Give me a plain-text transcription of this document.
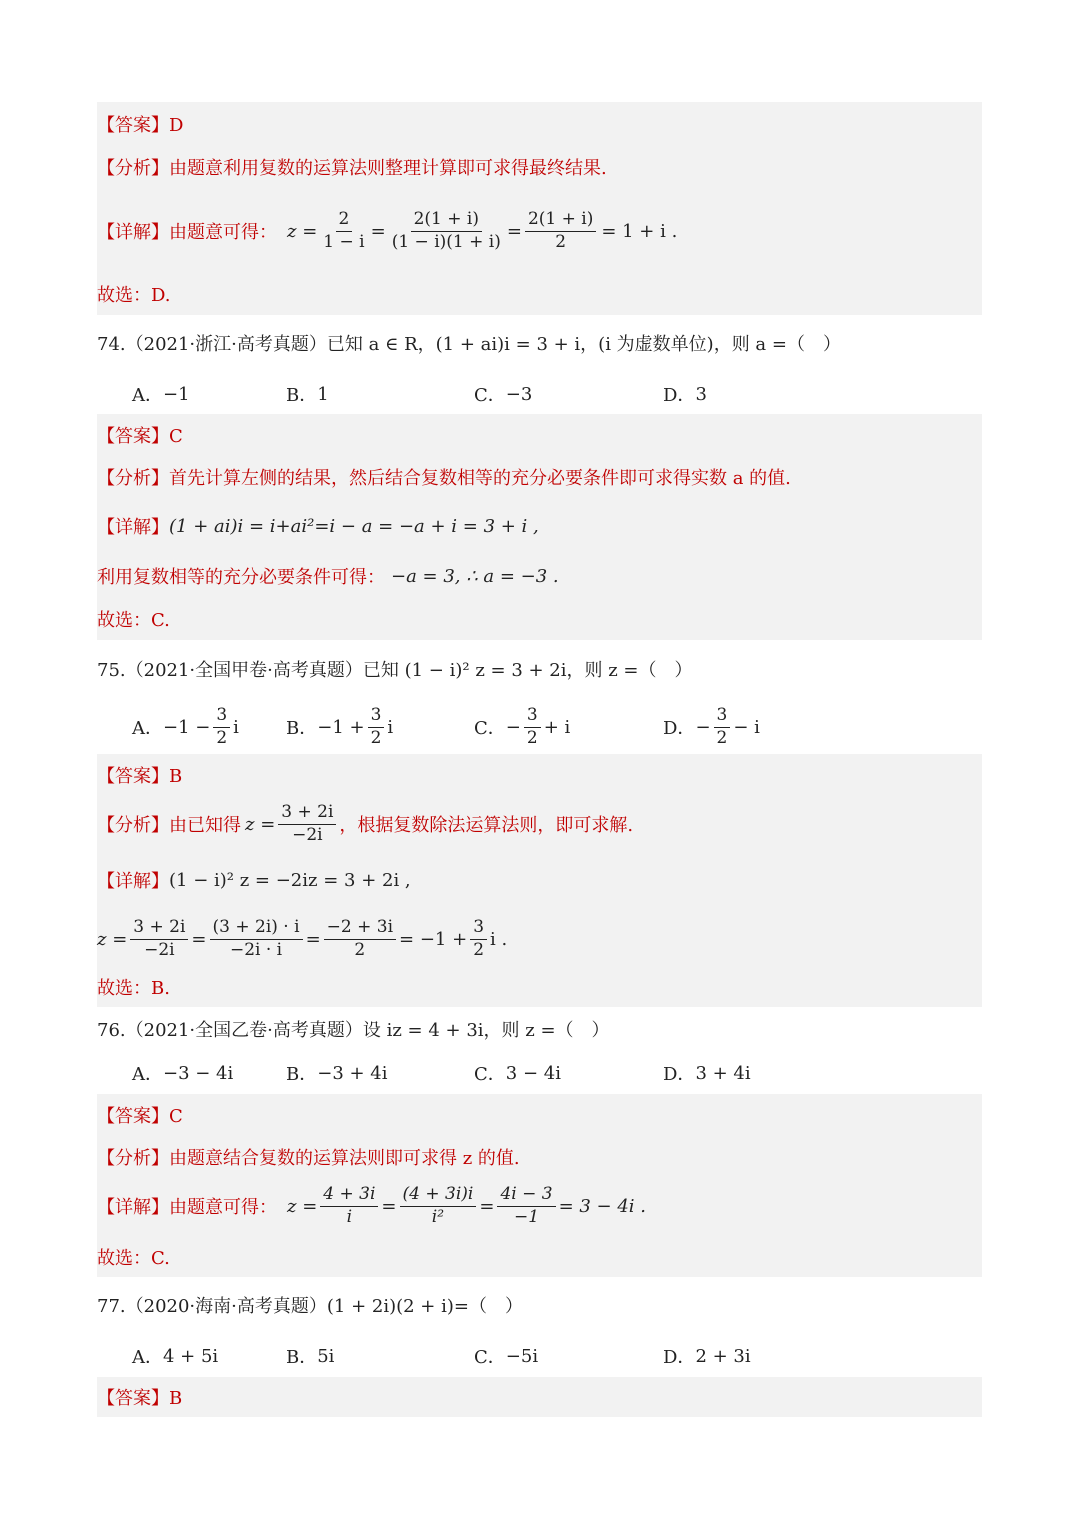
【答案】D
【分析】由题意利用复数的运算法则整理计算即可求得最终结果.
【详解】由题意可得： $z = \frac{2}{1 - i} = \frac{2(1 + i)}{(1 - i)(1 + i)} = \frac{2(1 + i)}{2} = 1 + i$ .
故选：D.
74.（2021·浙江·高考真题）已知 a ∈ R，(1 + ai)i = 3 + i，(i 为虚数单位)，则 a =（　）
A． −1	B． 1	C． −3	D． 3
【答案】C
【分析】首先计算左侧的结果，然后结合复数相等的充分必要条件即可求得实数 a 的值.
【详解】 (1 + ai)i = i+ai²=i − a = −a + i = 3 + i ,
利用复数相等的充分必要条件可得： −a = 3, ∴ a = −3 .
故选：C.
75.（2021·全国甲卷·高考真题）已知 (1 − i)² z = 3 + 2i，则 z =（　）
A． $-1 - \frac{3}{2}$ i	B． $-1 + \frac{3}{2}$ i	C． − $\frac{3}{2} + i$	D． − $\frac{3}{2} - i$
【答案】B
【分析】由已知得 $z = \frac{3 + 2i}{-2i}$ ，根据复数除法运算法则，即可求解.
【详解】 (1 − i)² z = −2iz = 3 + 2i ,
$z = \frac{3 + 2i}{-2i} = \frac{(3 + 2i) \cdot i}{-2i \cdot i} = \frac{-2 + 3i}{2} = -1 + \frac{3}{2}$ i .
故选：B.
76.（2021·全国乙卷·高考真题）设 iz = 4 + 3i，则 z =（　）
A． −3 − 4i	B． −3 + 4i	C． 3 − 4i	D． 3 + 4i
【答案】C
【分析】由题意结合复数的运算法则即可求得 z 的值.
【详解】由题意可得： $z = \frac{4 + 3i}{i} = \frac{(4 + 3i)i}{\text{i²}} = \frac{4i - 3}{-1} = 3 - 4i$ .
故选：C.
77.（2020·海南·高考真题）(1 + 2i)(2 + i)=（　）
A． 4 + 5i	B． 5i	C． −5i	D． 2 + 3i
【答案】B
